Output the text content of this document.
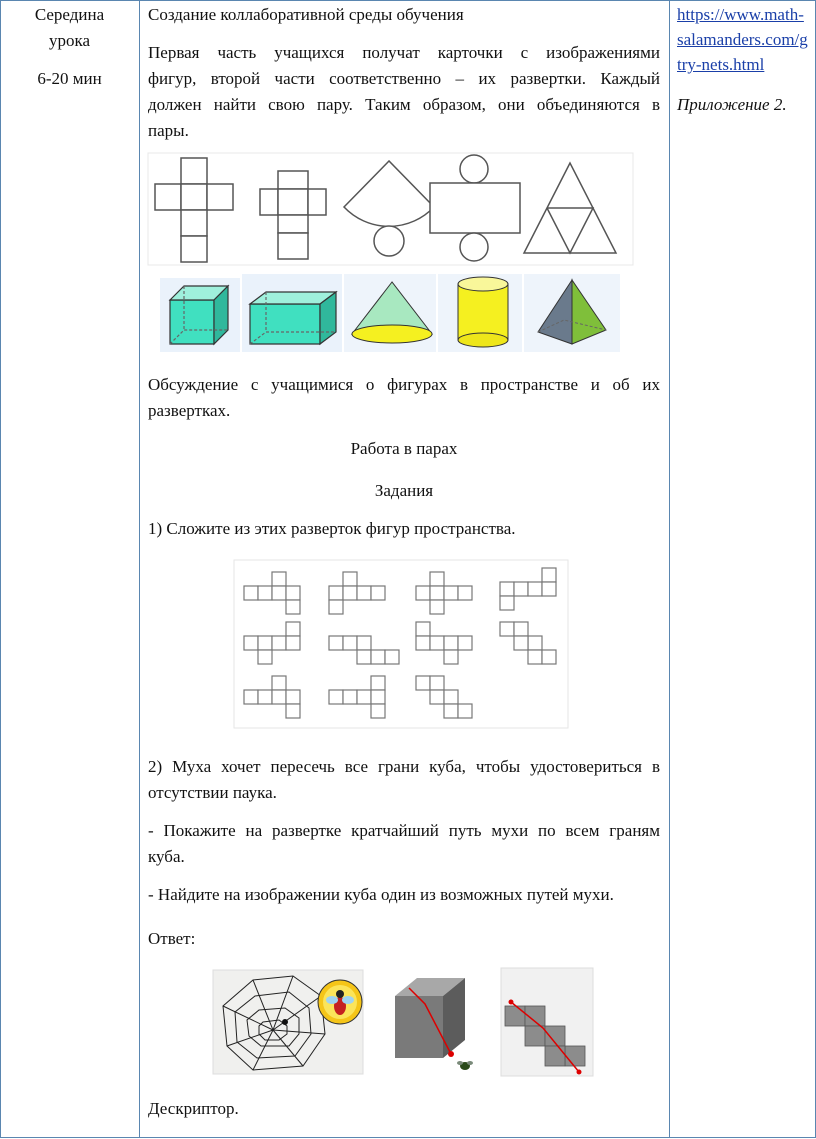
Середина
урока
6-20 мин
Создание коллаборативной среды обучения
Первая часть учащихся получат карточки с изображениями
фигур, второй части соответственно – их развертки. Каждый
должен найти свою пару. Таким образом, они объединяются в
пары.
Обсуждение с учащимися о фигурах в пространстве и об их
развертках.
Работа в парах
Задания
1) Сложите из этих разверток фигур пространства.
2) Муха хочет пересечь все грани куба, чтобы удостовериться в
отсутствии паука.
- Покажите на развертке кратчайший путь мухи по всем граням
куба.
- Найдите на изображении куба один из возможных путей мухи.
Ответ:
Дескриптор.
https://www.math-
salamanders.com/g
try-nets.html
Приложение 2.
